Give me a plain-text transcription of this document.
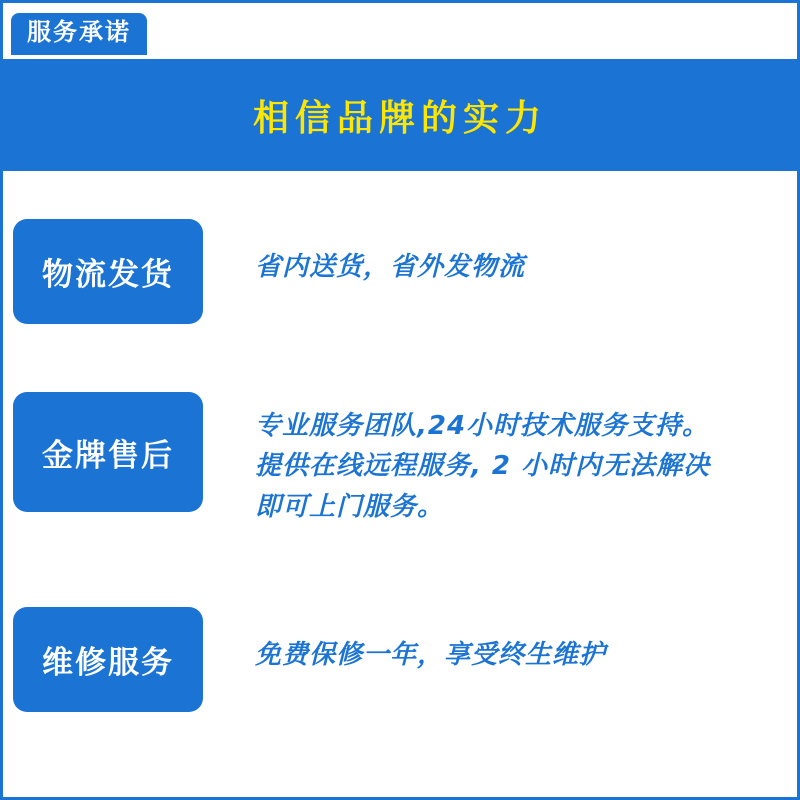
服务承诺
相信品牌的实力
物流发货	省内送货，省外发物流
金牌售后
专业服务团队,24小时技术服务支持。
提供在线远程服务, 2 小时内无法解决
即可上门服务。
维修服务	免费保修一年，享受终生维护
